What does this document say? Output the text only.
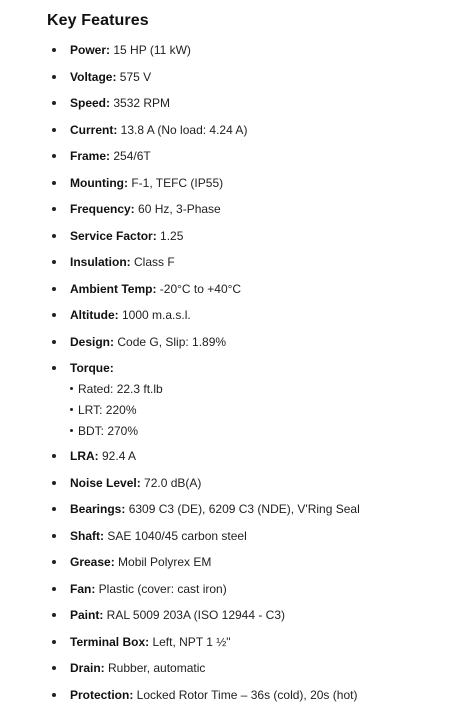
Key Features
Power: 15 HP (11 kW)
Voltage: 575 V
Speed: 3532 RPM
Current: 13.8 A (No load: 4.24 A)
Frame: 254/6T
Mounting: F-1, TEFC (IP55)
Frequency: 60 Hz, 3-Phase
Service Factor: 1.25
Insulation: Class F
Ambient Temp: -20°C to +40°C
Altitude: 1000 m.a.s.l.
Design: Code G, Slip: 1.89%
Torque:
Rated: 22.3 ft.lb
LRT: 220%
BDT: 270%
LRA: 92.4 A
Noise Level: 72.0 dB(A)
Bearings: 6309 C3 (DE), 6209 C3 (NDE), V'Ring Seal
Shaft: SAE 1040/45 carbon steel
Grease: Mobil Polyrex EM
Fan: Plastic (cover: cast iron)
Paint: RAL 5009 203A (ISO 12944 - C3)
Terminal Box: Left, NPT 1 ½"
Drain: Rubber, automatic
Protection: Locked Rotor Time – 36s (cold), 20s (hot)
